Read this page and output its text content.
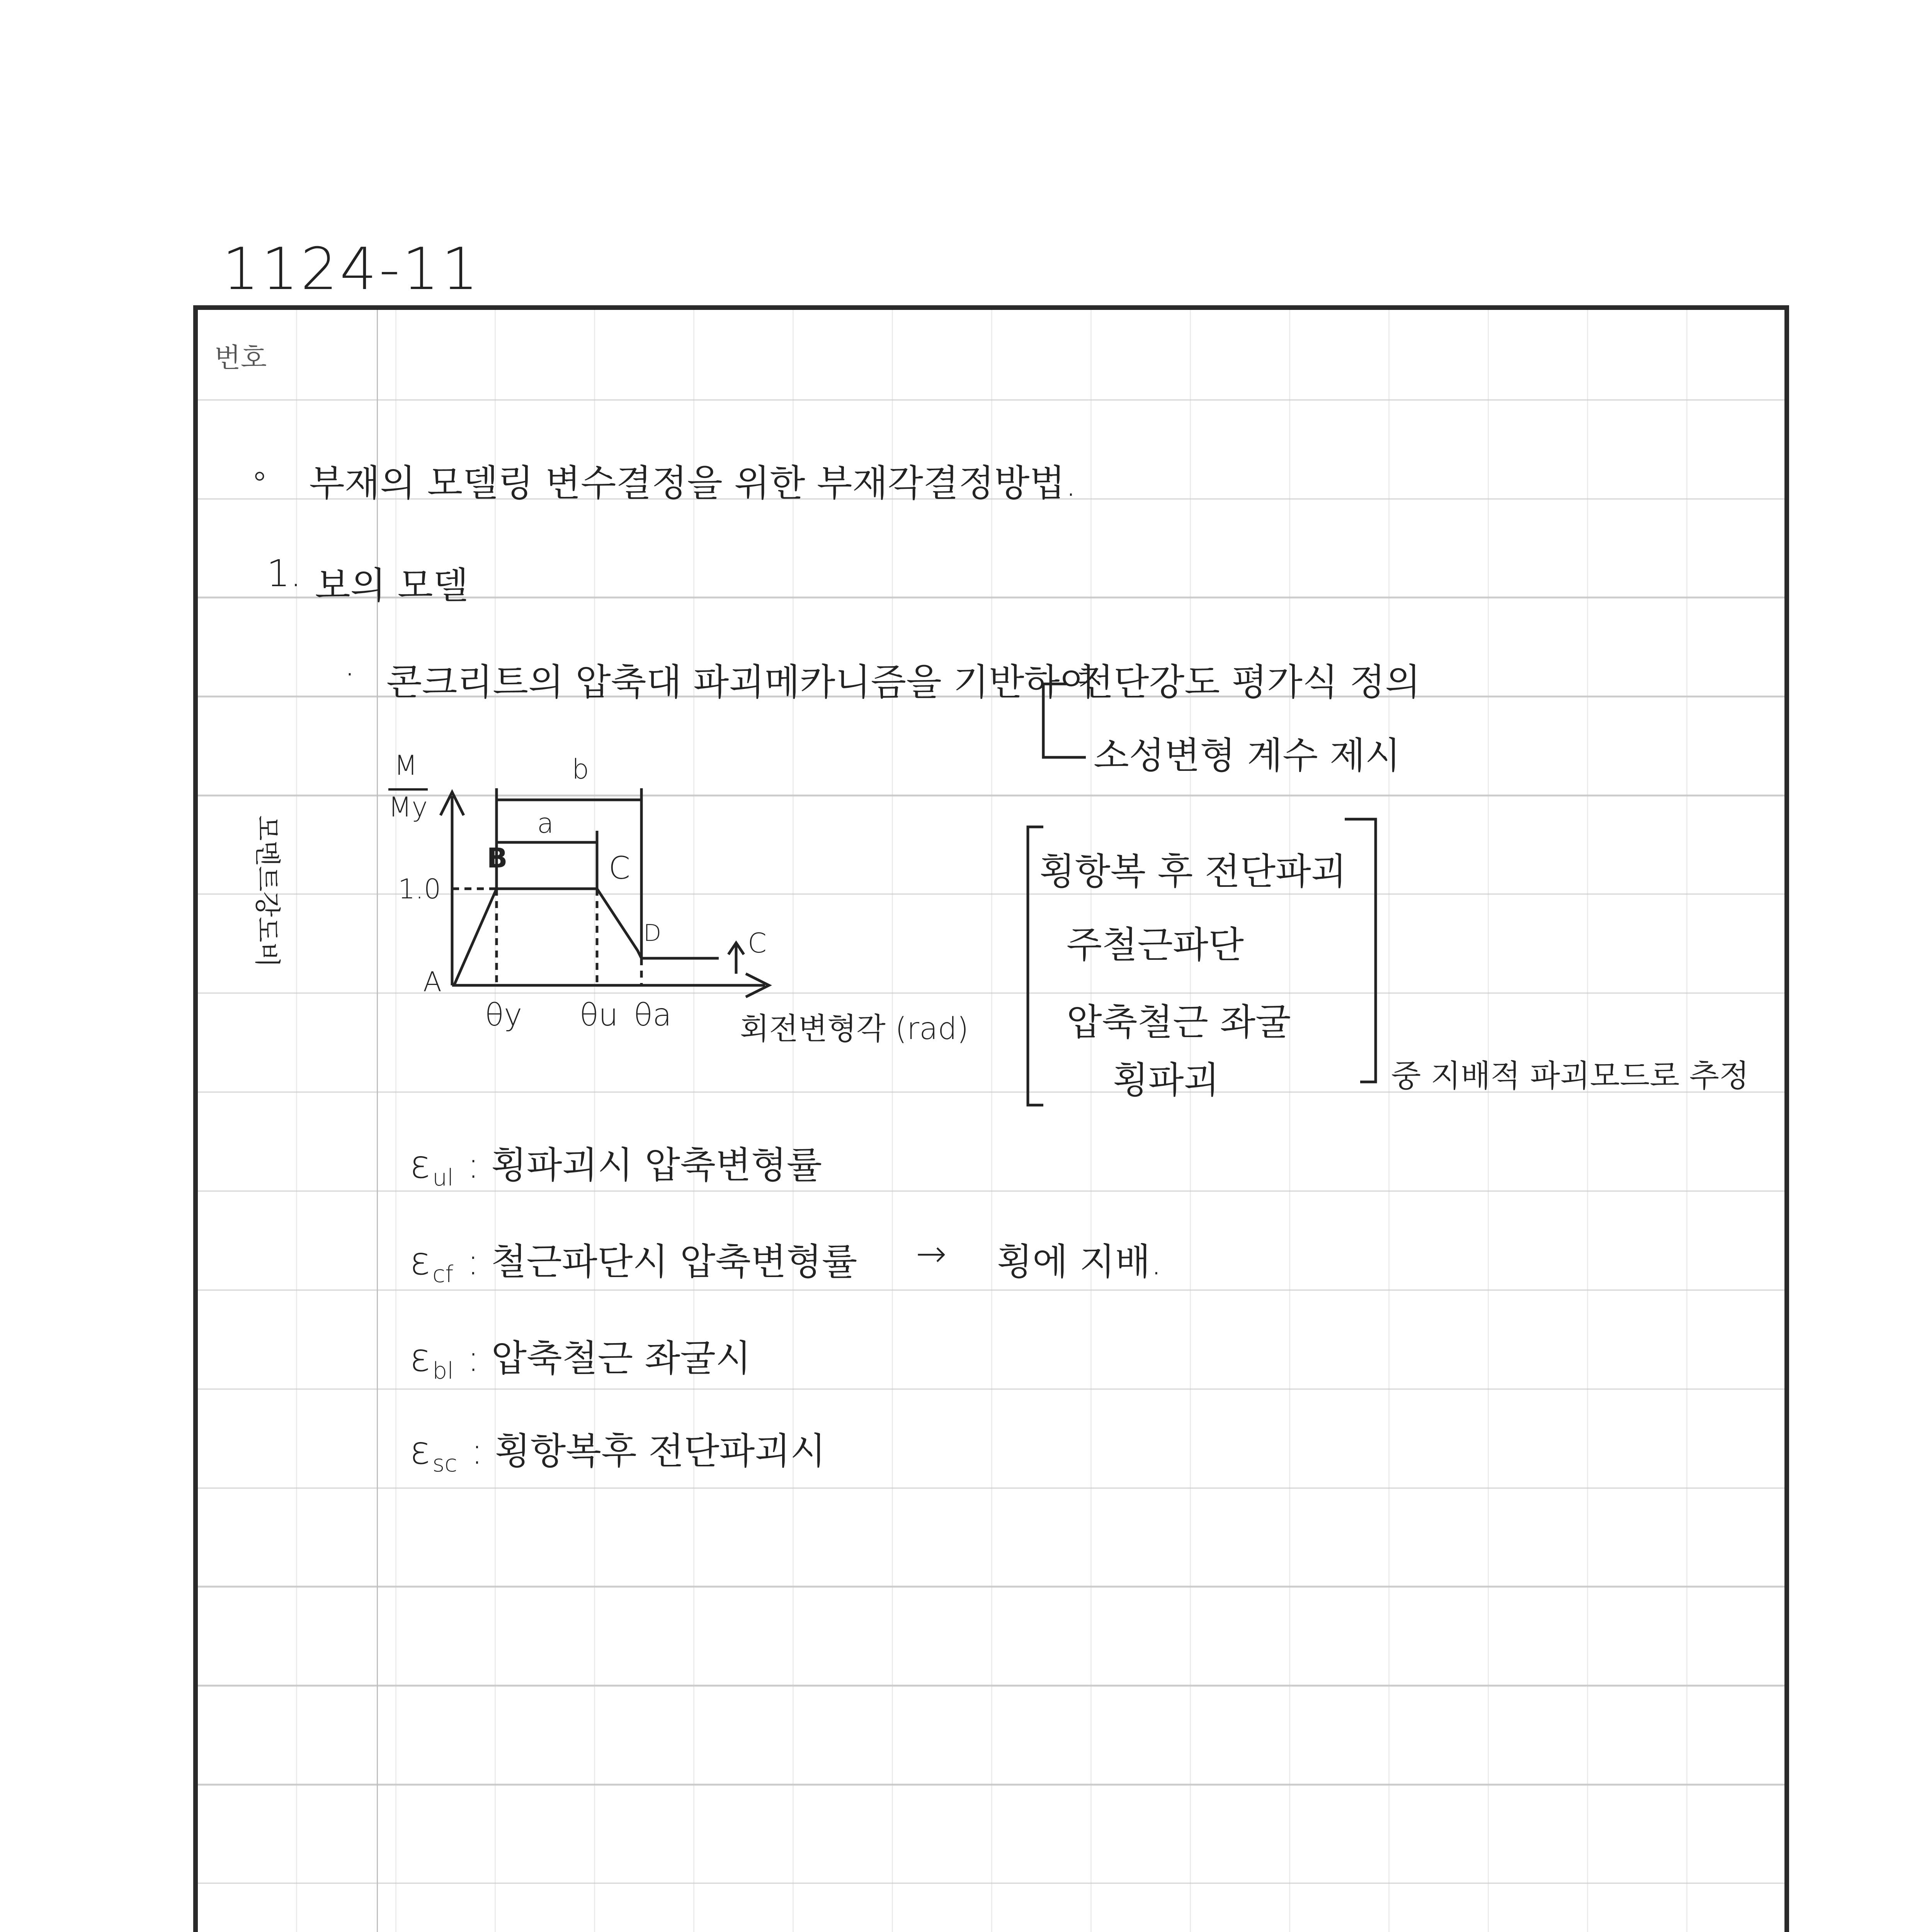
1124-11
번호
◦ 부재의 모델링 변수결정을 위한 부재각결정방법.
1. 보의 모델
· 콘크리트의 압축대 파괴메카니즘을 기반하여
전단강도 평가식 정의
소성변형 계수 제시
모멘트강도비
M
My
1.0
A
B	C
D	C
a
b
θy θu θa 회전변형각 (rad)
횡항복 후 전단파괴
주철근파단
압축철근 좌굴
횡파괴	중 지배적 파괴모드로 추정
ε ul : 횡파괴시 압축변형률
ε cf : 철근파단시 압축변형률 → 횡에 지배.
ε bl : 압축철근 좌굴시
ε sc : 횡항복후 전단파괴시
